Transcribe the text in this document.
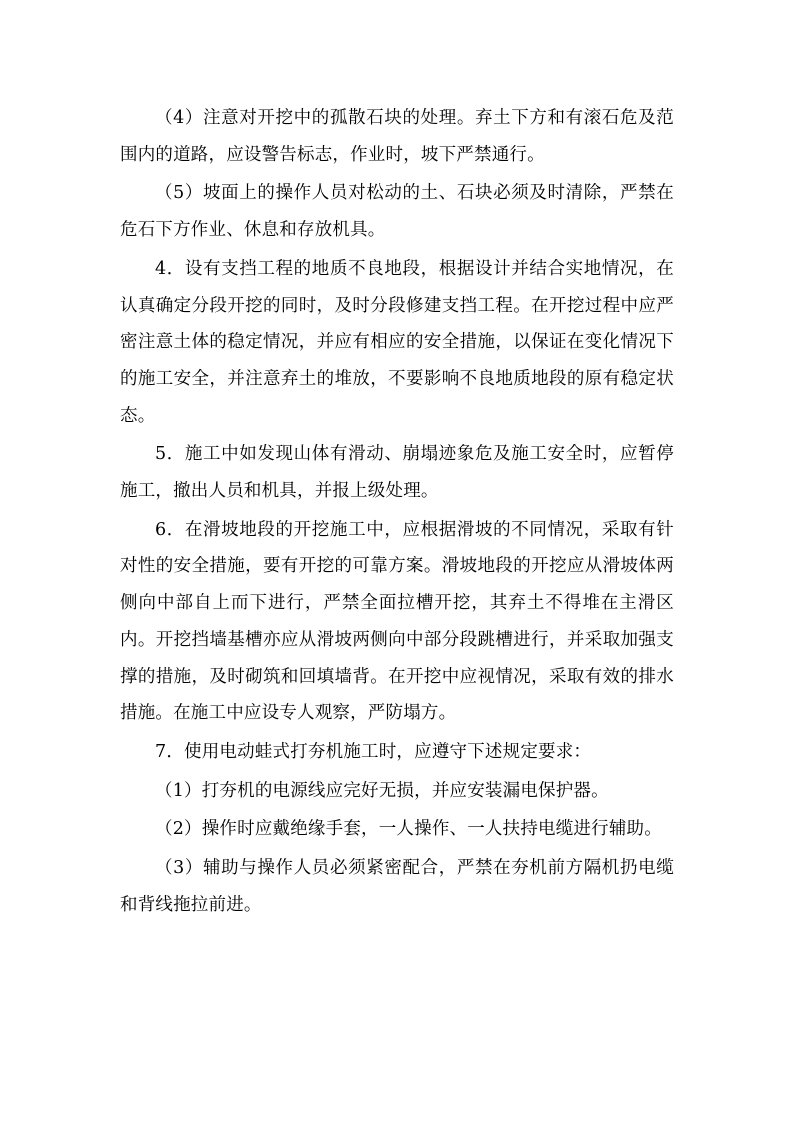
（4）注意对开挖中的孤散石块的处理。弃土下方和有滚石危及范围内的道路，应设警告标志，作业时，坡下严禁通行。

（5）坡面上的操作人员对松动的土、石块必须及时清除，严禁在危石下方作业、休息和存放机具。

4．设有支挡工程的地质不良地段，根据设计并结合实地情况，在认真确定分段开挖的同时，及时分段修建支挡工程。在开挖过程中应严密注意土体的稳定情况，并应有相应的安全措施，以保证在变化情况下的施工安全，并注意弃土的堆放，不要影响不良地质地段的原有稳定状态。

5．施工中如发现山体有滑动、崩塌迹象危及施工安全时，应暂停施工，撤出人员和机具，并报上级处理。

6．在滑坡地段的开挖施工中，应根据滑坡的不同情况，采取有针对性的安全措施，要有开挖的可靠方案。滑坡地段的开挖应从滑坡体两侧向中部自上而下进行，严禁全面拉槽开挖，其弃土不得堆在主滑区内。开挖挡墙基槽亦应从滑坡两侧向中部分段跳槽进行，并采取加强支撑的措施，及时砌筑和回填墙背。在开挖中应视情况，采取有效的排水措施。在施工中应设专人观察，严防塌方。

7．使用电动蛙式打夯机施工时，应遵守下述规定要求：

（1）打夯机的电源线应完好无损，并应安装漏电保护器。

（2）操作时应戴绝缘手套，一人操作、一人扶持电缆进行辅助。

（3）辅助与操作人员必须紧密配合，严禁在夯机前方隔机扔电缆和背线拖拉前进。
